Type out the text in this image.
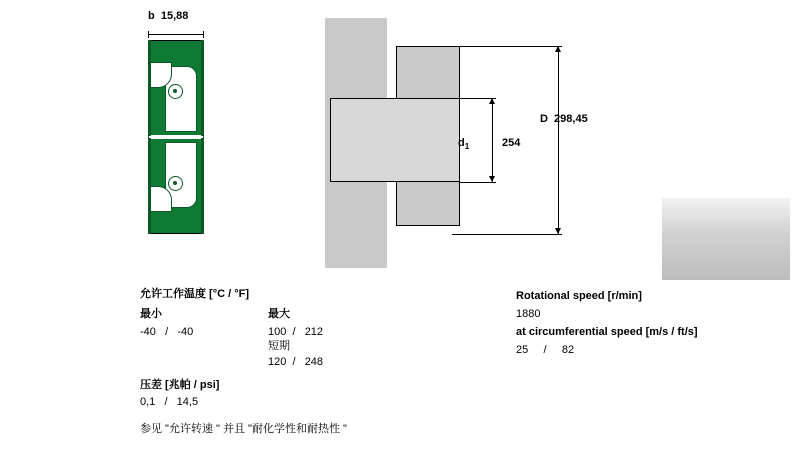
b  15,88
$d_1$	254
D  298,45
允许工作温度 [°C / °F]
最小	最大
-40   /   -40	100  /   212
短期
120  /   248
压差 [兆帕 / psi]
0,1   /   14,5
参见 "允许转速 " 并且 "耐化学性和耐热性 "
Rotational speed [r/min]
1880
at circumferential speed [m/s / ft/s]
25     /     82
